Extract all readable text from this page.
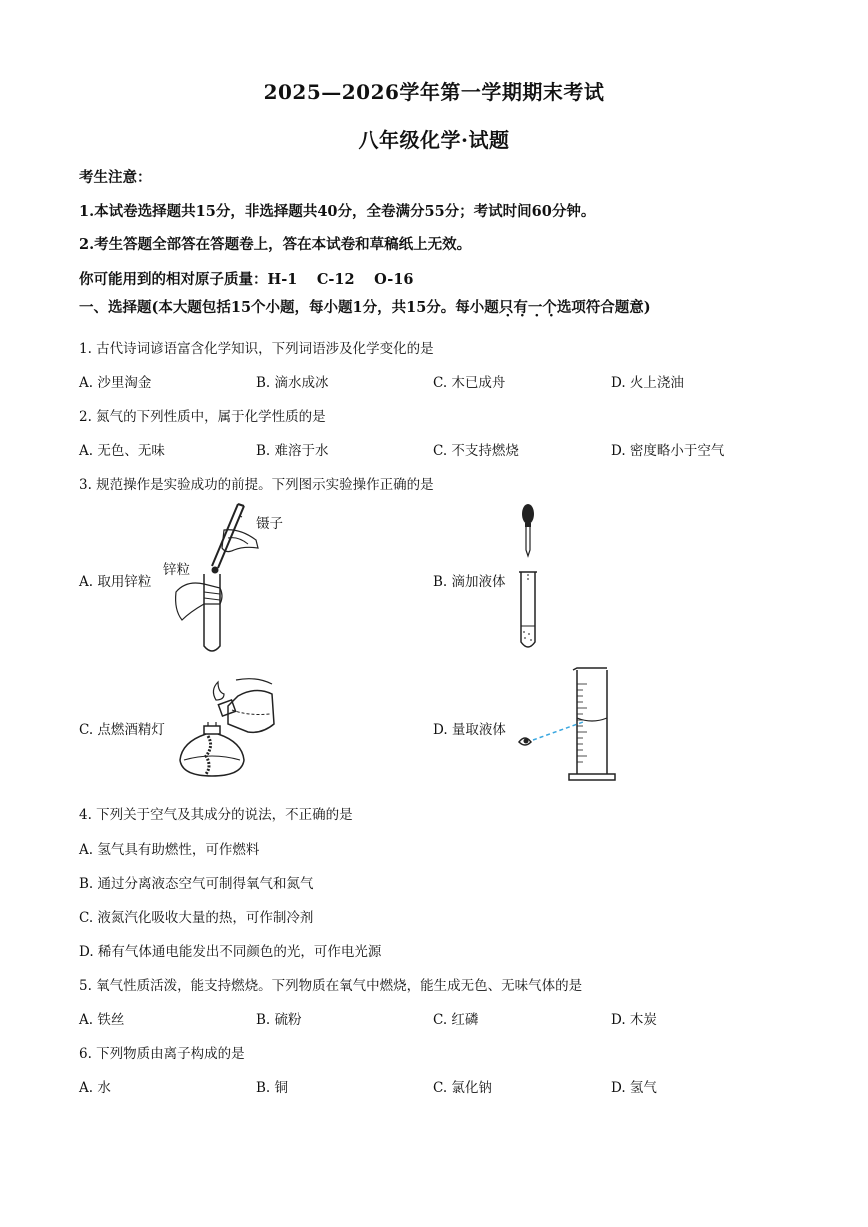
2025—2026学年第一学期期末考试
八年级化学·试题
考生注意：
1.本试卷选择题共15分，非选择题共40分，全卷满分55分；考试时间60分钟。
2.考生答题全部答在答题卷上，答在本试卷和草稿纸上无效。
你可能用到的相对原子质量：H-1　 C-12　 O-16
一、选择题(本大题包括15个小题，每小题1分，共15分。每小题只有一个选项符合题意)
1. 古代诗词谚语富含化学知识，下列词语涉及化学变化的是
A. 沙里淘金	B. 滴水成冰	C. 木已成舟	D. 火上浇油
2. 氮气的下列性质中，属于化学性质的是
A. 无色、无味	B. 难溶于水	C. 不支持燃烧	D. 密度略小于空气
3. 规范操作是实验成功的前提。下列图示实验操作正确的是
A. 取用锌粒
镊子
锌粒
B. 滴加液体
C. 点燃酒精灯	D. 量取液体
4. 下列关于空气及其成分的说法，不正确的是
A. 氢气具有助燃性，可作燃料
B. 通过分离液态空气可制得氧气和氮气
C. 液氮汽化吸收大量的热，可作制冷剂
D. 稀有气体通电能发出不同颜色的光，可作电光源
5. 氧气性质活泼，能支持燃烧。下列物质在氧气中燃烧，能生成无色、无味气体的是
A. 铁丝	B. 硫粉	C. 红磷	D. 木炭
6. 下列物质由离子构成的是
A. 水	B. 铜	C. 氯化钠	D. 氢气
